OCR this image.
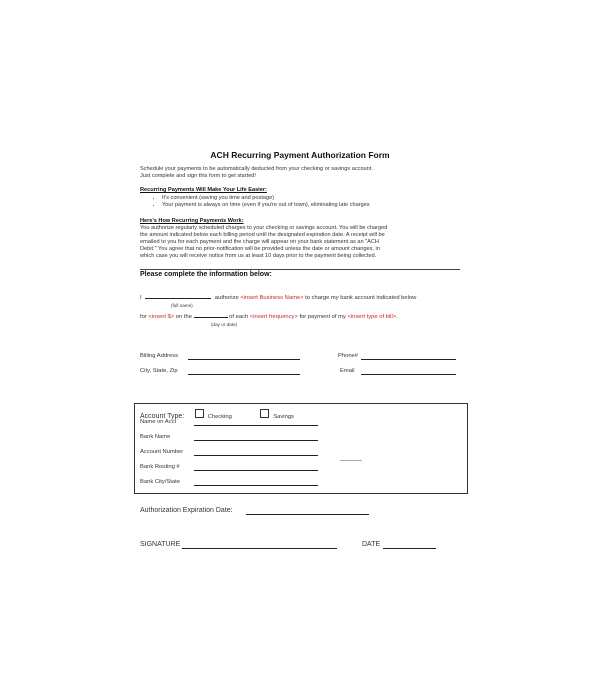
ACH Recurring Payment Authorization Form
Schedule your payments to be automatically deducted from your checking or savings account.
Just complete and sign this form to get started!
Recurring Payments Will Make Your Life Easier:
• It's convenient (saving you time and postage)
• Your payment is always on time (even if you're out of town), eliminating late charges
Here's How Recurring Payments Work:
You authorize regularly scheduled charges to your checking or savings account. You will be charged
the amount indicated below each billing period until the designated expiration date. A receipt will be
emailed to you for each payment and the charge will appear on your bank statement as an "ACH
Debit." You agree that no prior-notification will be provided unless the date or amount changes, in
which case you will receive notice from us at least 10 days prior to the payment being collected.
Please complete the information below:
I	authorize <insert Business Name> to charge my bank account indicated below
(full name)
for <insert $> on the	of each <insert frequency> for payment of my <insert type of bill>.
(day or date)
Billing Address	Phone#
City, State, Zip	Email
Account Type:	Checking	Savings
Name on Acct
Bank Name
Account Number
Bank Routing #
Bank City/State
Authorization Expiration Date:
SIGNATURE	DATE
